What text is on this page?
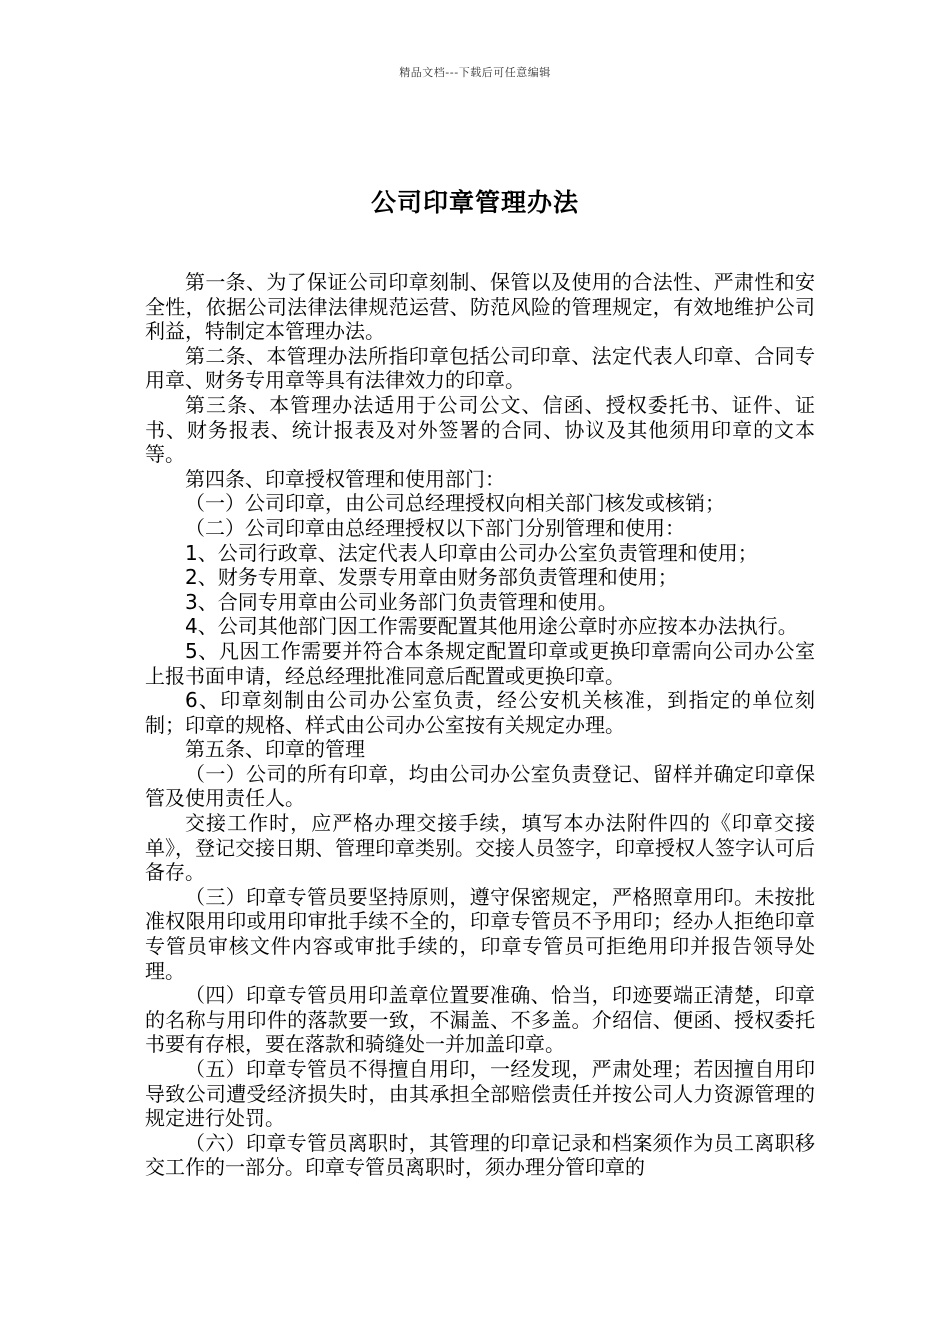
精品文档---下载后可任意编辑
公司印章管理办法

第一条、为了保证公司印章刻制、保管以及使用的合法性、严肃性和安全性，依据公司法律法律规范运营、防范风险的管理规定，有效地维护公司利益，特制定本管理办法。

第二条、本管理办法所指印章包括公司印章、法定代表人印章、合同专用章、财务专用章等具有法律效力的印章。

第三条、本管理办法适用于公司公文、信函、授权委托书、证件、证书、财务报表、统计报表及对外签署的合同、协议及其他须用印章的文本等。

第四条、印章授权管理和使用部门：

（一）公司印章，由公司总经理授权向相关部门核发或核销；

（二）公司印章由总经理授权以下部门分别管理和使用：

1、公司行政章、法定代表人印章由公司办公室负责管理和使用；

2、财务专用章、发票专用章由财务部负责管理和使用；

3、合同专用章由公司业务部门负责管理和使用。

4、公司其他部门因工作需要配置其他用途公章时亦应按本办法执行。

5、凡因工作需要并符合本条规定配置印章或更换印章需向公司办公室上报书面申请，经总经理批准同意后配置或更换印章。

6、印章刻制由公司办公室负责，经公安机关核准，到指定的单位刻制；印章的规格、样式由公司办公室按有关规定办理。

第五条、印章的管理

（一）公司的所有印章，均由公司办公室负责登记、留样并确定印章保管及使用责任人。

交接工作时，应严格办理交接手续，填写本办法附件四的《印章交接单》，登记交接日期、管理印章类别。交接人员签字，印章授权人签字认可后备存。

（三）印章专管员要坚持原则，遵守保密规定，严格照章用印。未按批准权限用印或用印审批手续不全的，印章专管员不予用印；经办人拒绝印章专管员审核文件内容或审批手续的，印章专管员可拒绝用印并报告领导处理。

（四）印章专管员用印盖章位置要准确、恰当，印迹要端正清楚，印章的名称与用印件的落款要一致，不漏盖、不多盖。介绍信、便函、授权委托书要有存根，要在落款和骑缝处一并加盖印章。

（五）印章专管员不得擅自用印，一经发现，严肃处理；若因擅自用印导致公司遭受经济损失时，由其承担全部赔偿责任并按公司人力资源管理的规定进行处罚。

（六）印章专管员离职时，其管理的印章记录和档案须作为员工离职移交工作的一部分。印章专管员离职时，须办理分管印章的
